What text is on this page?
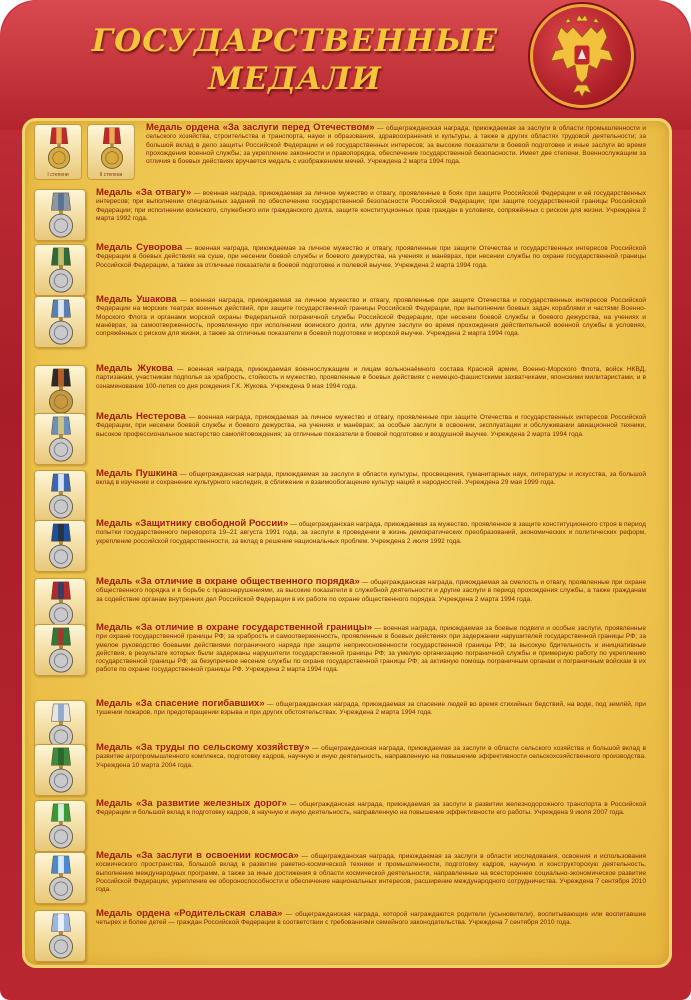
ГОСУДАРСТВЕННЫЕ
МЕДАЛИ
I степени	II степени
Медаль ордена «За заслуги перед Отечеством» — общегражданская награда, приюждаемая за заслуги в области промышленности и сельского хозяйства, строительства и транспорта, науки и образования, здравоохранения и культуры, а также в других областях трудовой деятельности; за большой вклад в дело защиты Российской Федерации и её государственных интересов; за высокие показатели в боевой подготовке и иные заслуги во время прохождения военной службы; за укрепление законности и правопорядка, обеспечение государственной безопасности. Имеет две степени. Военнослужащим за отличия в боевых действиях вручается медаль с изображением мечей. Учреждена 2 марта 1994 года.
Медаль «За отвагу» — военная награда, приюждаемая за личное мужество и отвагу, проявленные в боях при защите Российской Федерации и её государственных интересов; при выполнении специальных заданий по обеспечению государственной безопасности Российской Федерации; при защите государственной границы Российской Федерации; при исполнении воинского, служебного или гражданского долга, защите конституционных прав граждан в условиях, сопряжённых с риском для жизни. Учреждена 2 марта 1992 года.
Медаль Суворова — военная награда, приюждаемая за личное мужество и отвагу, проявленные при защите Отечества и государственных интересов Российской Федерации в боевых действиях на суше, при несении боевой службы и боевого дежурства, на учениях и манёврах, при несении службы по охране государственной границы Российской Федерации, а также за отличные показатели в боевой подготовке и полевой выучке. Учреждена 2 марта 1994 года.
Медаль Ушакова — военная награда, приюждаемая за личное мужество и отвагу, проявленные при защите Отечества и государственных интересов Российской Федерации на морских театрах военных действий, при защите государственной границы Российской Федерации, при выполнении боевых задач кораблями и частями Военно-Морского Флота и органами морской охраны Федеральной пограничной службы Российской Федерации, при несении боевой службы и боевого дежурства, на учениях и манёврах, за самоотверженность, проявленную при исполнении воинского долга, или другие заслуги во время прохождения действительной военной службы в условиях, сопряжённых с риском для жизни, а также за отличные показатели в боевой подготовке и морской выучке. Учреждена 2 марта 1994 года.
Медаль Жукова — военная награда, приюждаемая военнослужащим и лицам вольнонаёмного состава Красной армии, Военно-Морского Флота, войск НКВД, партизанам, участникам подполья за храбрость, стойкость и мужество, проявленные в боевых действиях с немецко-фашистскими захватчиками, японскими милитаристами, и в ознаменование 100-летия со дня рождения Г.К. Жукова. Учреждена 9 мая 1994 года.
Медаль Нестерова — военная награда, приюждаемая за личное мужество и отвагу, проявленные при защите Отечества и государственных интересов Российской Федерации, при несении боевой службы и боевого дежурства, на учениях и манёврах; за особые заслуги в освоении, эксплуатации и обслуживании авиационной техники, высокое профессиональное мастерство самолётовождения; за отличные показатели в боевой подготовке и воздушной выучке. Учреждена 2 марта 1994 года.
Медаль Пушкина — общегражданская награда, приюждаемая за заслуги в области культуры, просвещения, гуманитарных наук, литературы и искусства, за большой вклад в изучение и сохранение культурного наследия, в сближение и взаимообогащение культур наций и народностей. Учреждена 29 мая 1999 года.
Медаль «Защитнику свободной России» — общегражданская награда, приюждаемая за мужество, проявленное в защите конституционного строя в период попытки государственного переворота 19–21 августа 1991 года, за заслуги в проведении в жизнь демократических преобразований, экономических и политических реформ, укрепление российской государственности, за вклад в решение национальных проблем. Учреждена 2 июля 1992 года.
Медаль «За отличие в охране общественного порядка» — общегражданская награда, приюждаемая за смелость и отвагу, проявленные при охране общественного порядка и в борьбе с правонарушениями, за высокие показатели в служебной деятельности и другие заслуги в период прохождения службы, а также гражданам за содействие органам внутренних дел Российской Федерации в их работе по охране общественного порядка. Учреждена 2 марта 1994 года.
Медаль «За отличие в охране государственной границы» — военная награда, приюждаемая за боевые подвиги и особые заслуги, проявленные при охране государственной границы РФ; за храбрость и самоотверженность, проявленные в боевых действиях при задержании нарушителей государственной границы РФ; за умелое руководство боевыми действиями пограничного наряда при защите неприкосновенности государственной границы РФ; за высокую бдительность и инициативные действия, в результате которых были задержаны нарушители государственной границы РФ; за умелую организацию пограничной службы и примерную работу по укреплению государственной границы РФ; за безупречное несение службы по охране государственной границы РФ; за активную помощь пограничным органам и пограничным войскам в их работе по охране государственной границы РФ. Учреждена 2 марта 1994 года.
Медаль «За спасение погибавших» — общегражданская награда, приюждаемая за спасение людей во время стихийных бедствий, на воде, под землёй, при тушении пожаров, при предотвращении взрыва и при других обстоятельствах. Учреждена 2 марта 1994 года.
Медаль «За труды по сельскому хозяйству» — общегражданская награда, приюждаемая за заслуги в области сельского хозяйства и большой вклад в развитие агропромышленного комплекса, подготовку кадров, научную и иную деятельность, направленную на повышение эффективности сельскохозяйственного производства. Учреждена 10 марта 2004 года.
Медаль «За развитие железных дорог» — общегражданская награда, приюждаемая за заслуги в развитии железнодорожного транспорта в Российской Федерации и большой вклад в подготовку кадров, в научную и иную деятельность, направленную на повышение эффективности его работы. Учреждена 9 июля 2007 года.
Медаль «За заслуги в освоении космоса» — общегражданская награда, приюждаемая за заслуги в области исследования, освоения и использования космического пространства, большой вклад в развитие ракетно-космической техники и промышленности, подготовку кадров, научную и конструкторскую деятельность, выполнение международных программ, а также за иные достижения в области космической деятельности, направленные на всестороннее социально-экономическое развитие Российской Федерации, укрепление ее обороноспособности и обеспечение национальных интересов, расширение международного сотрудничества. Учреждена 7 сентября 2010 года.
Медаль ордена «Родительская слава» — общегражданская награда, которой награждаются родители (усыновители), воспитывающие или воспитавшие четырех и более детей — граждан Российской Федерации в соответствии с требованиями семейного законодательства. Учреждена 7 сентября 2010 года.
